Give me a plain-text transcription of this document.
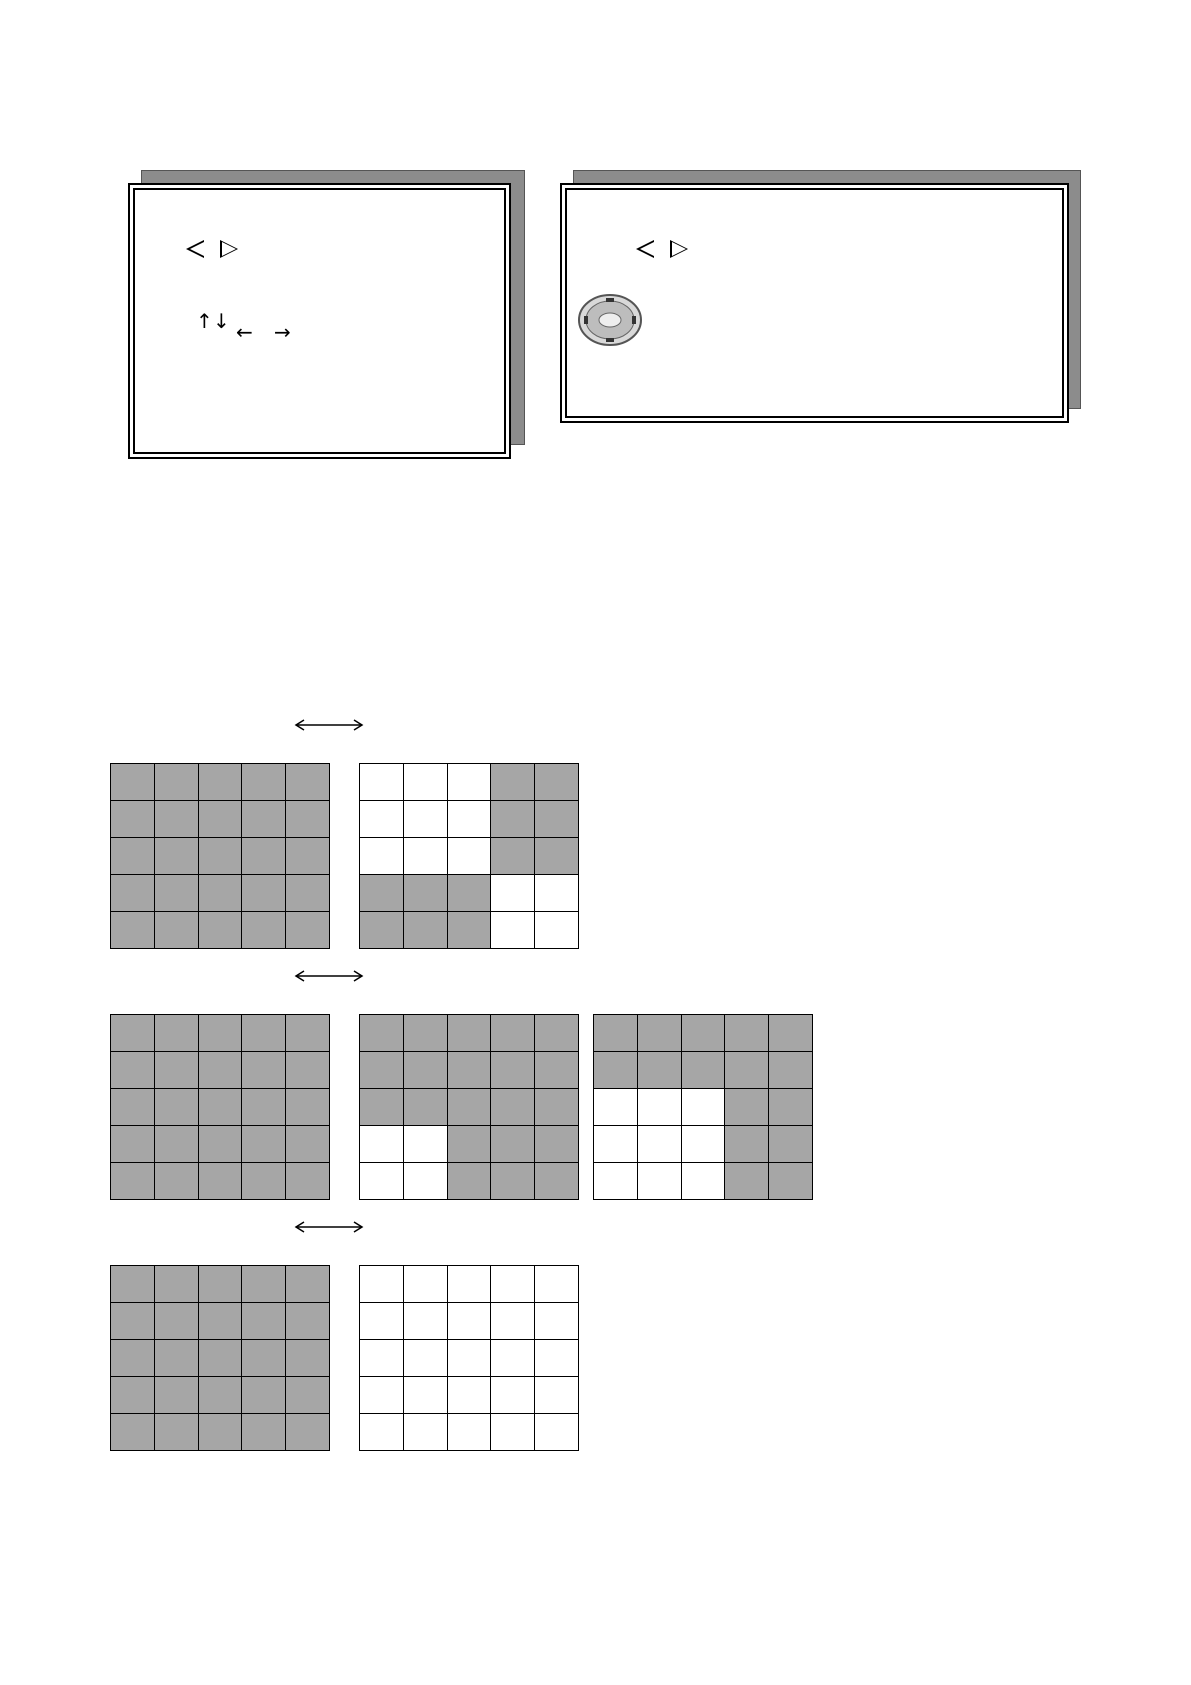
↑ ↓ ← →
